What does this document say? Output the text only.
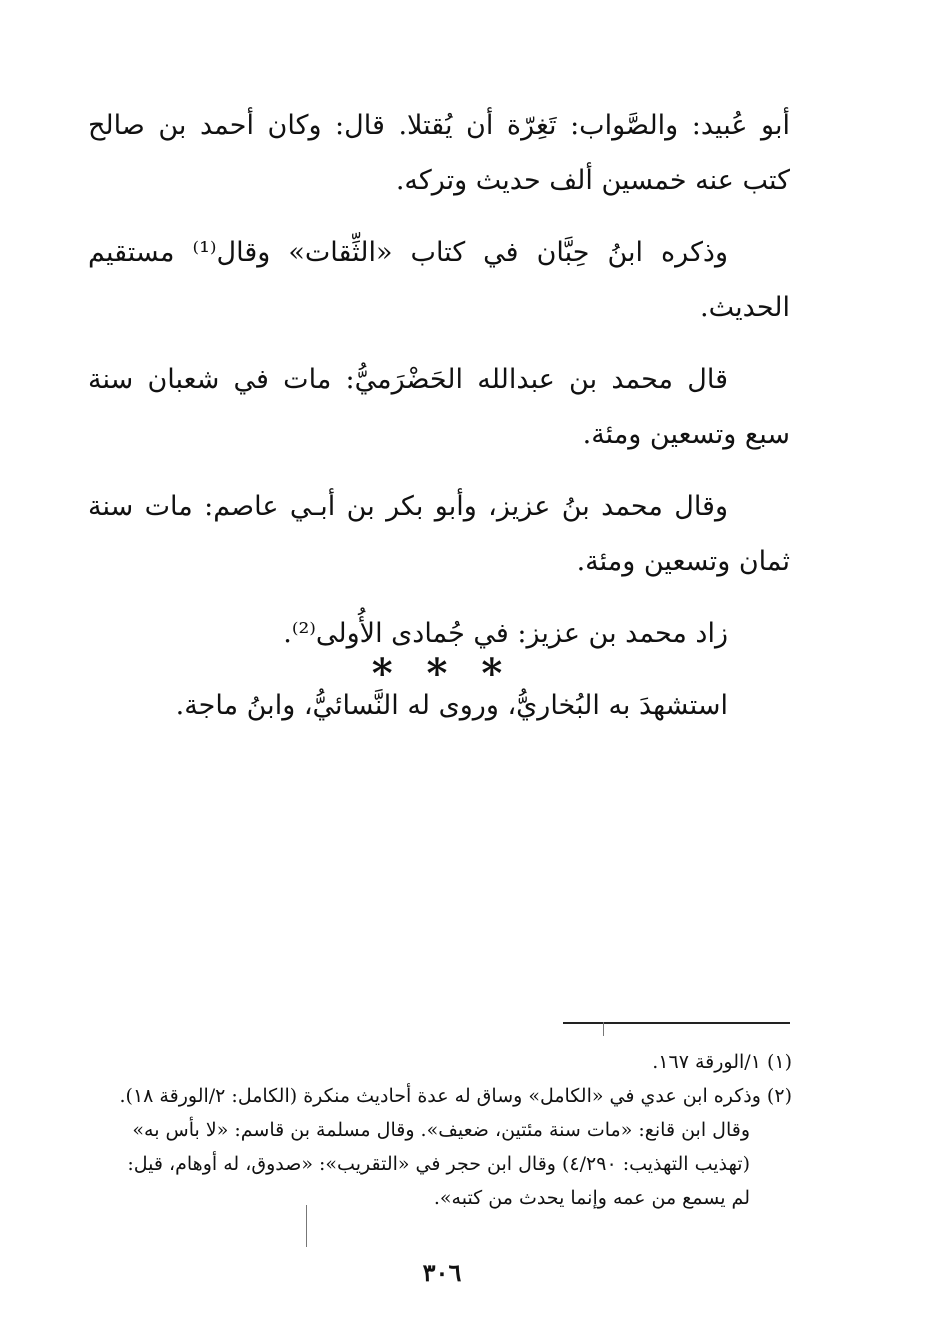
أبو عُبيد: والصَّواب: تَغِرّة أن يُقتلا. قال: وكان أحمد بن صالح كتب عنه خمسين ألف حديث وتركه.

وذكره ابنُ حِبَّان في كتاب «الثِّقات» وقال⁽¹⁾ مستقيم الحديث.

قال محمد بن عبدالله الحَضْرَميُّ: مات في شعبان سنة سبع وتسعين ومئة.

وقال محمد بنُ عزيز، وأبو بكر بن أبـي عاصم: مات سنة ثمان وتسعين ومئة.

زاد محمد بن عزيز: في جُمادى الأُولى⁽²⁾.

استشهدَ به البُخاريُّ، وروى له النَّسائيُّ، وابنُ ماجة.

* * *

(١) ١/الورقة ١٦٧.

(٢) وذكره ابن عدي في «الكامل» وساق له عدة أحاديث منكرة (الكامل: ٢/الورقة ١٨).

وقال ابن قانع: «مات سنة مئتين، ضعيف». وقال مسلمة بن قاسم: «لا بأس به»

(تهذيب التهذيب: ٤/٢٩٠) وقال ابن حجر في «التقريب»: «صدوق، له أوهام، قيل:

لم يسمع من عمه وإنما يحدث من كتبه».

٣٠٦
